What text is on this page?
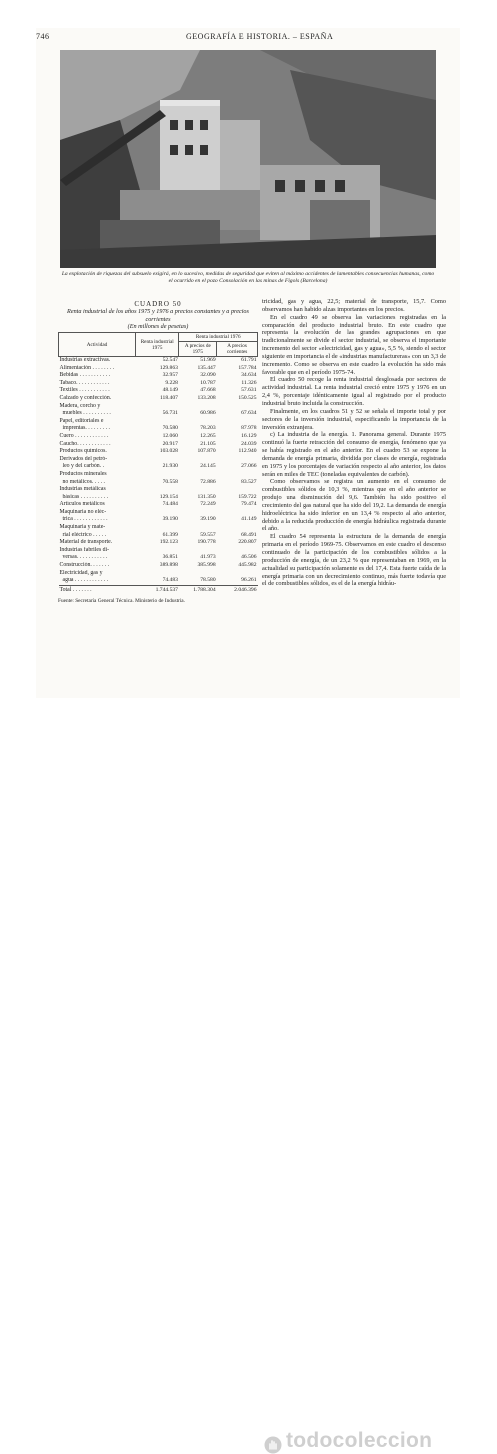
746	GEOGRAFÍA E HISTORIA. – ESPAÑA
La explotación de riquezas del subsuelo exigirá, en lo sucesivo, medidas de seguridad que eviten al máximo accidentes de lamentables consecuencias humanas, como el ocurrido en el pozo Consolación en las minas de Figols (Barcelona)
CUADRO 50
Renta industrial de los años 1975 y 1976 a precios constantes y a precios corrientes
(En millones de pesetas)
Actividad	Renta industrial 1975	Renta industrial 1976	
		A precios de 1975	A precios corrientes
Industrias extractivas.	52.547	51.969	61.791
Alimentación . . . . . . . .	129.863	135.447	157.784
Bebidas . . . . . . . . . . .	32.957	32.090	34.634
Tabaco. . . . . . . . . . . .	9.228	10.787	11.326
Textiles . . . . . . . . . . .	48.149	47.668	57.631
Calzado y confección.	118.407	133.208	150.525
Madera, corcho y			
muebles . . . . . . . . . .	56.731	60.986	67.634
Papel, editoriales e			
imprentas. . . . . . . . .	70.580	78.203	87.978
Cuero . . . . . . . . . . . .	12.060	12.265	16.129
Caucho. . . . . . . . . . . .	20.917	21.105	24.039
Productos químicos.	103.028	107.870	112.940
Derivados del petró-			
leo y del carbón. .	21.930	24.145	27.066
Productos minerales			
no metálicos. . . . .	70.558	72.886	83.527
Industrias metálicas			
básicas . . . . . . . . . .	129.154	131.350	159.722
Artículos metálicos	74.484	72.249	79.474
Maquinaria no eléc-			
trica . . . . . . . . . . . .	39.190	39.190	41.149
Maquinaria y mate-			
rial eléctrico . . . . .	61.399	59.557	68.491
Material de transporte.	192.123	190.778	220.807
Industrias fabriles di-			
versas. . . . . . . . . . .	36.851	41.973	46.506
Construcción. . . . . . .	389.898	385.998	445.982
Electricidad, gas y			
agua . . . . . . . . . . . .	74.483	78.580	96.261
Total . . . . . . .	1.744.537	1.788.304	2.046.396
Fuente: Secretaría General Técnica. Ministerio de Industria.

tricidad, gas y agua, 22,5; material de transporte, 15,7. Como observamos han habido alzas importantes en los precios.

En el cuadro 49 se observa las variaciones registradas en la comparación del producto industrial bruto. En este cuadro que representa la evolución de las grandes agrupaciones en que tradicionalmente se divide el sector industrial, se observa el importante incremento del sector «electricidad, gas y agua», 5,5 %, siendo el sector siguiente en importancia el de «industrias manufactureras» con un 3,3 de incremento. Como se observa en este cuadro la evolución ha sido más favorable que en el período 1975-74.

El cuadro 50 recoge la renta industrial desglosada por sectores de actividad industrial. La renta industrial creció entre 1975 y 1976 en un 2,4 %, porcentaje idénticamente igual al registrado por el producto industrial bruto incluida la construcción.

Finalmente, en los cuadros 51 y 52 se señala el importe total y por sectores de la inversión industrial, especificando la importancia de la inversión extranjera.

c) La industria de la energía. 1. Panorama general. Durante 1975 continuó la fuerte retracción del consumo de energía, fenómeno que ya se había registrado en el año anterior. En el cuadro 53 se expone la demanda de energía primaria, dividida por clases de energía, registrada en 1975 y los porcentajes de variación respecto al año anterior, los datos serán en miles de TEC (toneladas equivalentes de carbón).

Como observamos se registra un aumento en el consumo de combustibles sólidos de 10,3 %, mientras que en el año anterior se produjo una disminución del 9,6. También ha sido positivo el crecimiento del gas natural que ha sido del 19,2. La demanda de energía hidroeléctrica ha sido inferior en un 13,4 % respecto al año anterior, debido a la reducida producción de energía hidráulica registrada durante el año.

El cuadro 54 representa la estructura de la demanda de energía primaria en el período 1969-75. Observamos en este cuadro el descenso continuado de la participación de los combustibles sólidos a la producción de energía, de un 23,2 % que representaban en 1969, en la actualidad su participación solamente es del 17,4. Esta fuerte caída de la energía primaria con un decrecimiento continuo, más fuerte todavía que el de combustibles sólidos, es el de la energía hidráu-

todocoleccion
